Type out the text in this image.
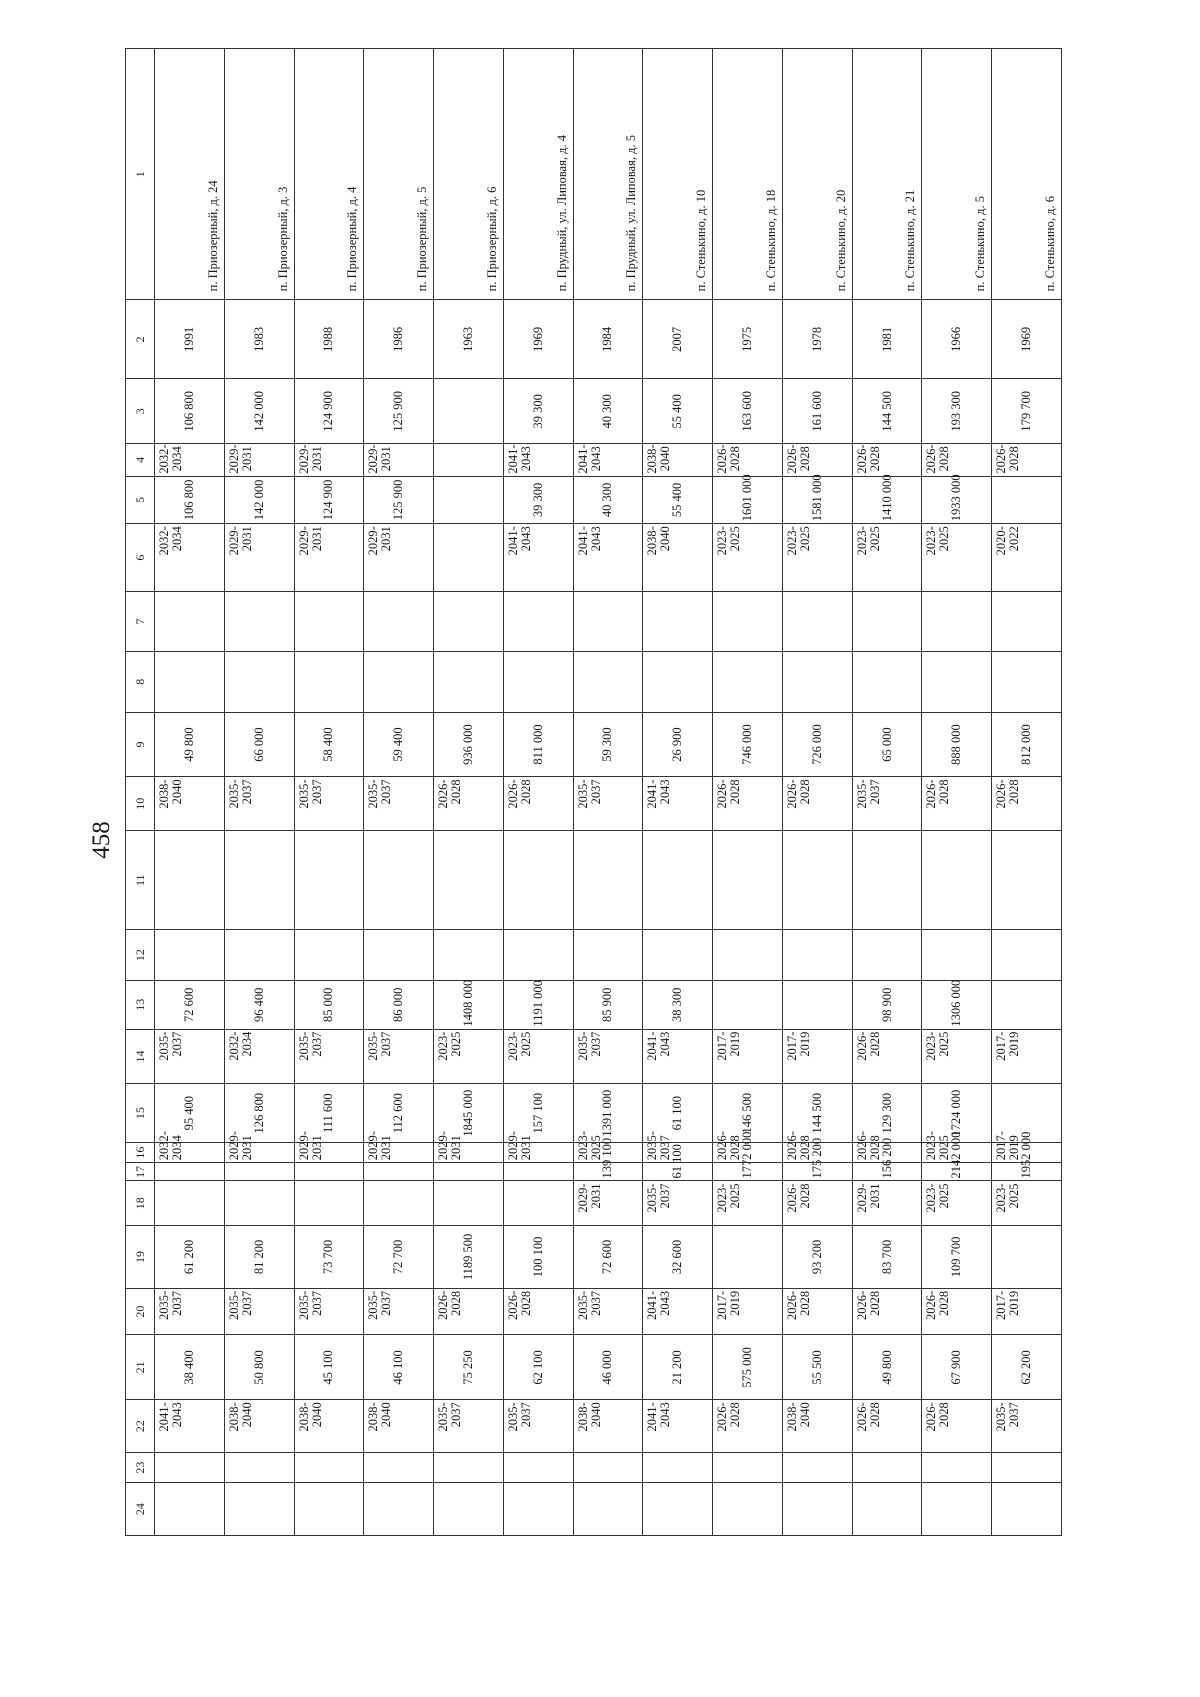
458
24	23	22	21	20	19	18	17	16	15	14	13	12	11	10	9	8	7	6	5	4	3	2	1

		2041- 2043	38 400	2035- 2037	61 200			2032- 2034	95 400	2035- 2037	72 600			2038- 2040	49 800			2032- 2034	106 800	2032- 2034	106 800	1991	п. Приозерный, д. 24

		2038- 2040	50 800	2035- 2037	81 200			2029- 2031	126 800	2032- 2034	96 400			2035- 2037	66 000			2029- 2031	142 000	2029- 2031	142 000	1983	п. Приозерный, д. 3

		2038- 2040	45 100	2035- 2037	73 700			2029- 2031	111 600	2035- 2037	85 000			2035- 2037	58 400			2029- 2031	124 900	2029- 2031	124 900	1988	п. Приозерный, д. 4

		2038- 2040	46 100	2035- 2037	72 700			2029- 2031	112 600	2035- 2037	86 000			2035- 2037	59 400			2029- 2031	125 900	2029- 2031	125 900	1986	п. Приозерный, д. 5

		2035- 2037	75 250	2026- 2028	1189 500			2029- 2031	1845 000	2023- 2025	1408 000			2026- 2028	936 000							1963	п. Приозерный, д. 6

		2035- 2037	62 100	2026- 2028	100 100			2029- 2031	157 100	2023- 2025	1191 000			2026- 2028	811 000			2041- 2043	39 300	2041- 2043	39 300	1969	п. Прудный, ул. Липовая, д. 4

		2038- 2040	46 000	2035- 2037	72 600	2029- 2031	139 100	2023- 2025	1391 000	2035- 2037	85 900			2035- 2037	59 300			2041- 2043	40 300	2041- 2043	40 300	1984	п. Прудный, ул. Липовая, д. 5

		2041- 2043	21 200	2041- 2043	32 600	2035- 2037	61 100	2035- 2037	61 100	2041- 2043	38 300			2041- 2043	26 900			2038- 2040	55 400	2038- 2040	55 400	2007	п. Стенькино, д. 10

		2026- 2028	575 000	2017- 2019		2023- 2025	1772 000	2026- 2028	146 500	2017- 2019				2026- 2028	746 000			2023- 2025	1601 000	2026- 2028	163 600	1975	п. Стенькино, д. 18

		2038- 2040	55 500	2026- 2028	93 200	2026- 2028	175 200	2026- 2028	144 500	2017- 2019				2026- 2028	726 000			2023- 2025	1581 000	2026- 2028	161 600	1978	п. Стенькино, д. 20

		2026- 2028	49 800	2026- 2028	83 700	2029- 2031	156 200	2026- 2028	129 300	2026- 2028	98 900			2035- 2037	65 000			2023- 2025	1410 000	2026- 2028	144 500	1981	п. Стенькино, д. 21

		2026- 2028	67 900	2026- 2028	109 700	2023- 2025	2142 000	2023- 2025	1724 000	2023- 2025	1306 000			2026- 2028	888 000			2023- 2025	1933 000	2026- 2028	193 300	1966	п. Стенькино, д. 5

		2035- 2037	62 200	2017- 2019		2023- 2025	1952 000	2017- 2019		2017- 2019				2026- 2028	812 000			2020- 2022		2026- 2028	179 700	1969	п. Стенькино, д. 6
